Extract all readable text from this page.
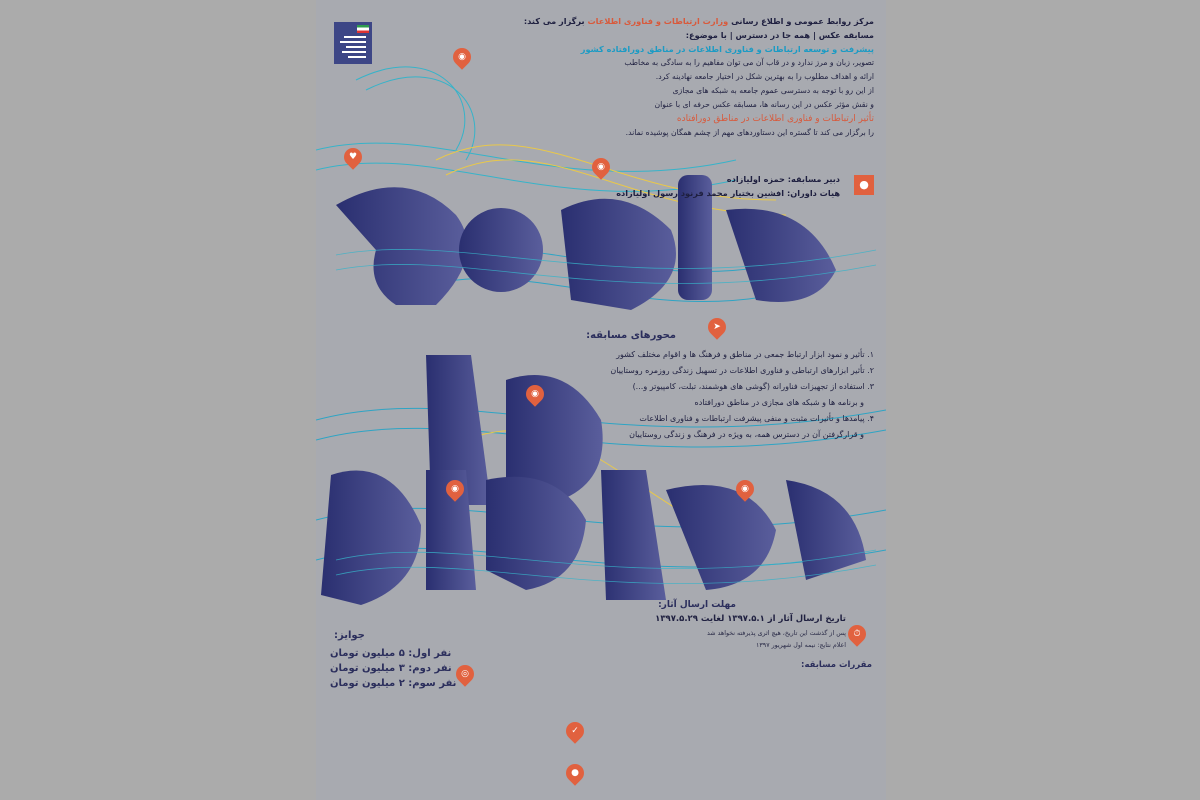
مرکز روابط عمومی و اطلاع رسانی وزارت ارتباطات و فناوری اطلاعات برگزار می کند:
مسابقه عکس | همه جا در دسترس | با موضوع:
پیشرفت و توسعه ارتباطات و فناوری اطلاعات در مناطق دورافتاده کشور
تصویر، زبان و مرز ندارد و در قاب آن می توان مفاهیم را به سادگی به مخاطب
ارائه و اهداف مطلوب را به بهترین شکل در اختیار جامعه نهادینه کرد.
از این رو با توجه به دسترسی عموم جامعه به شبکه های مجازی
و نقش مؤثر عکس در این رسانه ها، مسابقه عکس حرفه ای با عنوان
تأثیر ارتباطات و فناوری اطلاعات در مناطق دورافتاده
را برگزار می کند تا گستره این دستاوردهای مهم از چشم همگان پوشیده نماند.
دبیر مسابقه: حمزه اولیازاده
هیات داوران: افشین بختیار محمد فرنود رسول اولیازاده
◉
♥
◉
●
➤
◉
◉	◉
⏱
◎
✓
●
محورهای مسابقه:
۱. تأثیر و نمود ابزار ارتباط جمعی در مناطق و فرهنگ ها و اقوام مختلف کشور
۲. تأثیر ابزارهای ارتباطی و فناوری اطلاعات در تسهیل زندگی روزمره روستاییان
۳. استفاده از تجهیزات فناورانه (گوشی های هوشمند، تبلت، کامپیوتر و...)
و برنامه ها و شبکه های مجازی در مناطق دورافتاده
۴. پیامدها و تأثیرات مثبت و منفی پیشرفت ارتباطات و فناوری اطلاعات
و قرارگرفتن آن در دسترس همه، به ویژه در فرهنگ و زندگی روستاییان
مهلت ارسال آثار:
تاریخ ارسال آثار از ۱۳۹۷.۵.۱ لغایت ۱۳۹۷.۵.۲۹
پس از گذشت این تاریخ، هیچ اثری پذیرفته نخواهد شد
اعلام نتایج: نیمه اول شهریور ۱۳۹۷
مقررات مسابقه:
جوایز:
نفر اول: ۵ میلیون تومان
نفر دوم: ۳ میلیون تومان
نفر سوم: ۲ میلیون تومان
